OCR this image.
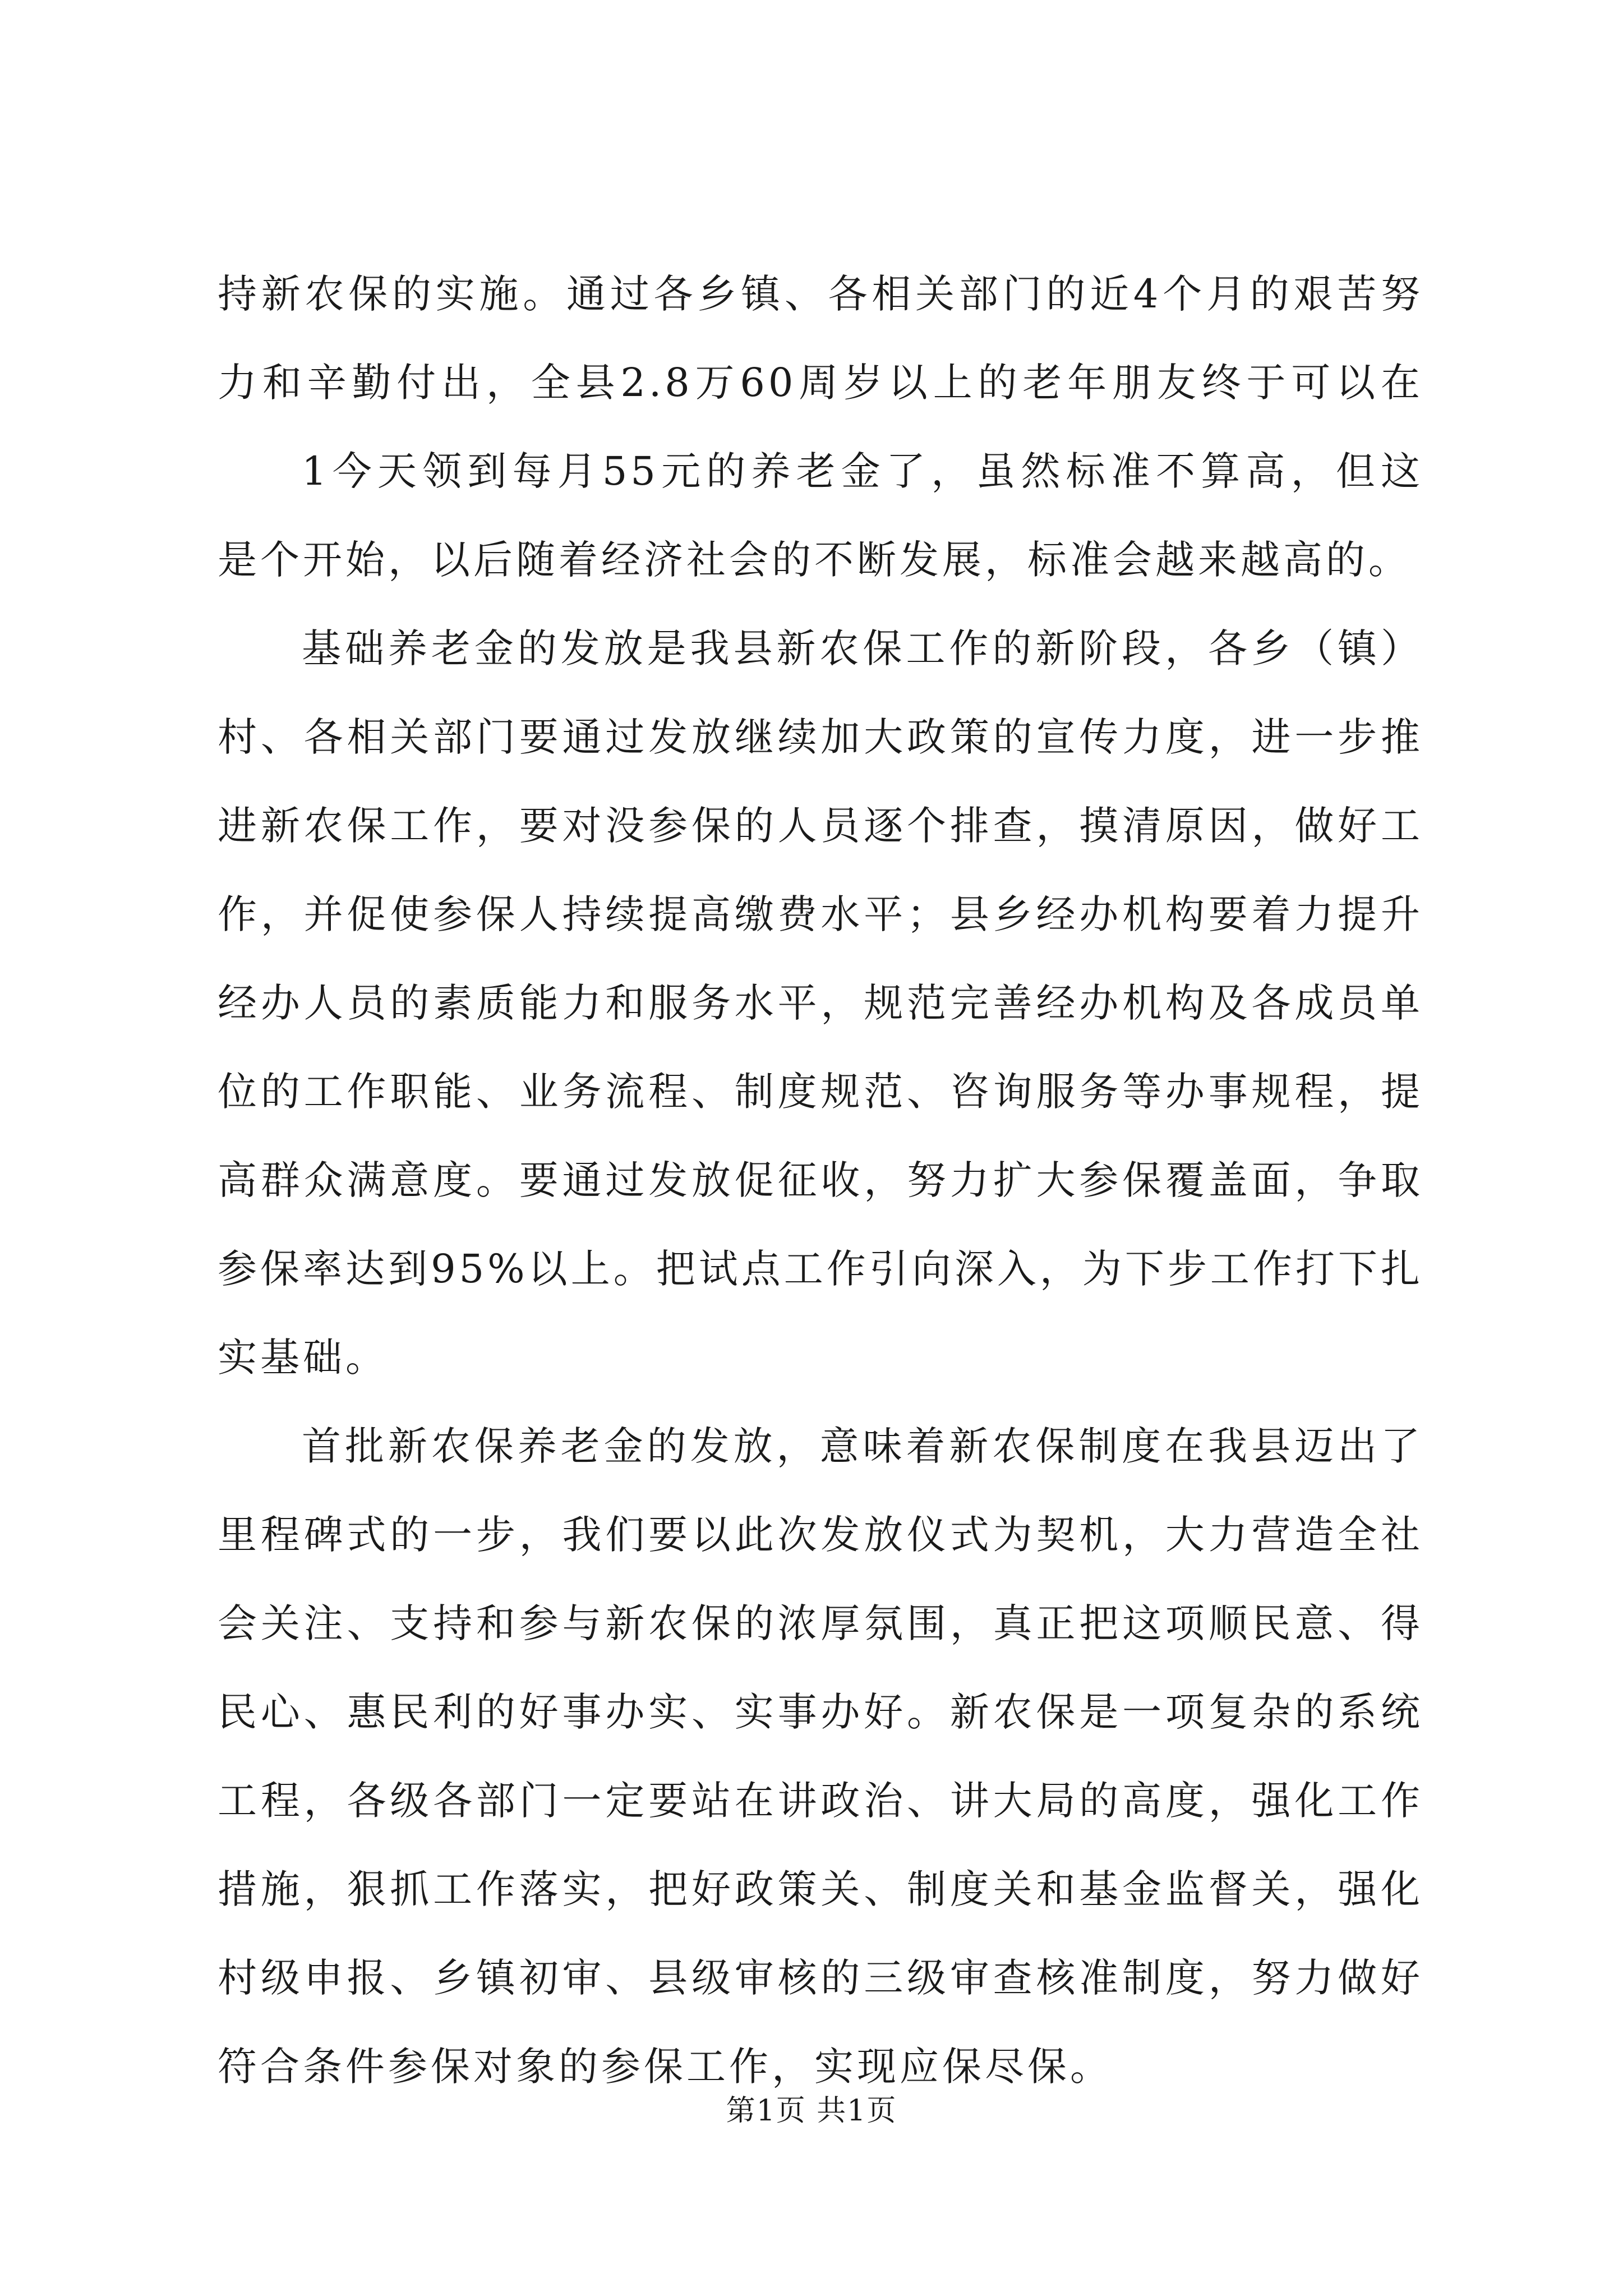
持新农保的实施。通过各乡镇、各相关部门的近4个月的艰苦努
力和辛勤付出，全县2.8万60周岁以上的老年朋友终于可以在
1今天领到每月55元的养老金了，虽然标准不算高，但这
是个开始，以后随着经济社会的不断发展，标准会越来越高的。
基础养老金的发放是我县新农保工作的新阶段，各乡（镇）
村、各相关部门要通过发放继续加大政策的宣传力度，进一步推
进新农保工作，要对没参保的人员逐个排查，摸清原因，做好工
作，并促使参保人持续提高缴费水平；县乡经办机构要着力提升
经办人员的素质能力和服务水平，规范完善经办机构及各成员单
位的工作职能、业务流程、制度规范、咨询服务等办事规程，提
高群众满意度。要通过发放促征收，努力扩大参保覆盖面，争取
参保率达到95%以上。把试点工作引向深入，为下步工作打下扎
实基础。
首批新农保养老金的发放，意味着新农保制度在我县迈出了
里程碑式的一步，我们要以此次发放仪式为契机，大力营造全社
会关注、支持和参与新农保的浓厚氛围，真正把这项顺民意、得
民心、惠民利的好事办实、实事办好。新农保是一项复杂的系统
工程，各级各部门一定要站在讲政治、讲大局的高度，强化工作
措施，狠抓工作落实，把好政策关、制度关和基金监督关，强化
村级申报、乡镇初审、县级审核的三级审查核准制度，努力做好
符合条件参保对象的参保工作，实现应保尽保。
第1页 共1页
